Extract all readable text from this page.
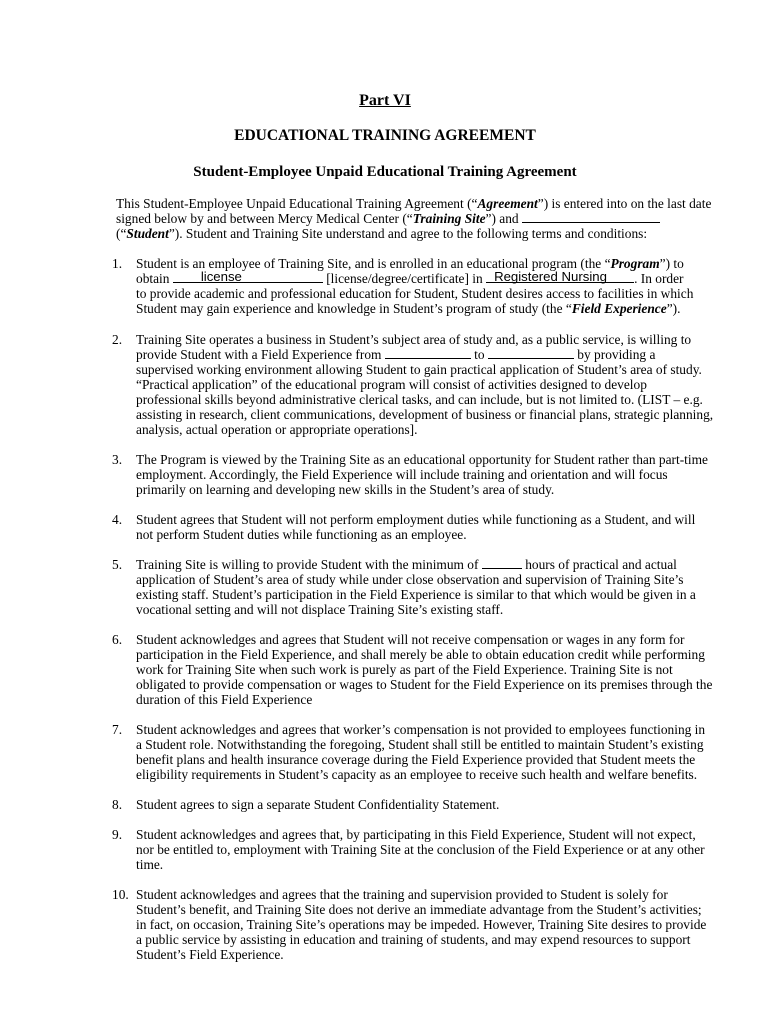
Part VI
EDUCATIONAL TRAINING AGREEMENT
Student-Employee Unpaid Educational Training Agreement
This Student-Employee Unpaid Educational Training Agreement (“Agreement”) is entered into on the last date
signed below by and between Mercy Medical Center (“Training Site”) and
(“Student”). Student and Training Site understand and agree to the following terms and conditions:
1. Student is an employee of Training Site, and is enrolled in an educational program (the “Program”) to
obtain license	[license/degree/certificate] in Registered Nursing . In order
to provide academic and professional education for Student, Student desires access to facilities in which
Student may gain experience and knowledge in Student’s program of study (the “Field Experience”).
2. Training Site operates a business in Student’s subject area of study and, as a public service, is willing to
provide Student with a Field Experience from	to	by providing a
supervised working environment allowing Student to gain practical application of Student’s area of study.
“Practical application” of the educational program will consist of activities designed to develop
professional skills beyond administrative clerical tasks, and can include, but is not limited to. (LIST – e.g.
assisting in research, client communications, development of business or financial plans, strategic planning,
analysis, actual operation or appropriate operations].
3. The Program is viewed by the Training Site as an educational opportunity for Student rather than part-time
employment. Accordingly, the Field Experience will include training and orientation and will focus
primarily on learning and developing new skills in the Student’s area of study.
4. Student agrees that Student will not perform employment duties while functioning as a Student, and will
not perform Student duties while functioning as an employee.
5. Training Site is willing to provide Student with the minimum of	hours of practical and actual
application of Student’s area of study while under close observation and supervision of Training Site’s
existing staff. Student’s participation in the Field Experience is similar to that which would be given in a
vocational setting and will not displace Training Site’s existing staff.
6. Student acknowledges and agrees that Student will not receive compensation or wages in any form for
participation in the Field Experience, and shall merely be able to obtain education credit while performing
work for Training Site when such work is purely as part of the Field Experience. Training Site is not
obligated to provide compensation or wages to Student for the Field Experience on its premises through the
duration of this Field Experience
7. Student acknowledges and agrees that worker’s compensation is not provided to employees functioning in
a Student role. Notwithstanding the foregoing, Student shall still be entitled to maintain Student’s existing
benefit plans and health insurance coverage during the Field Experience provided that Student meets the
eligibility requirements in Student’s capacity as an employee to receive such health and welfare benefits.
8. Student agrees to sign a separate Student Confidentiality Statement.
9. Student acknowledges and agrees that, by participating in this Field Experience, Student will not expect,
nor be entitled to, employment with Training Site at the conclusion of the Field Experience or at any other
time.
10. Student acknowledges and agrees that the training and supervision provided to Student is solely for
Student’s benefit, and Training Site does not derive an immediate advantage from the Student’s activities;
in fact, on occasion, Training Site’s operations may be impeded. However, Training Site desires to provide
a public service by assisting in education and training of students, and may expend resources to support
Student’s Field Experience.
